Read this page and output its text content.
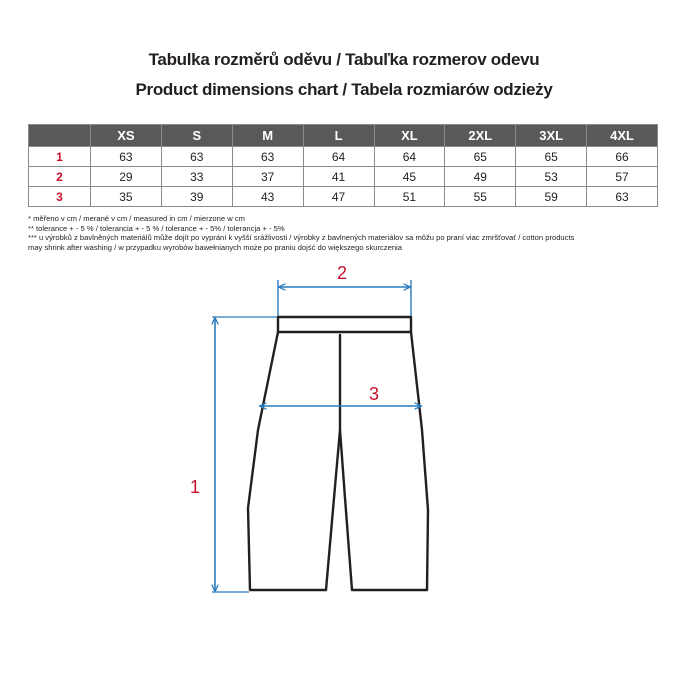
Tabulka rozměrů oděvu / Tabuľka rozmerov odevu
Product dimensions chart / Tabela rozmiarów odzieży
	XS	S	M	L	XL	2XL	3XL	4XL
1	63	63	63	64	64	65	65	66
2	29	33	37	41	45	49	53	57
3	35	39	43	47	51	55	59	63
* měřeno v cm / merané v cm / measured in cm / mierzone w cm
** tolerance + - 5 % / tolerancia + - 5 % / tolerance + - 5% / tolerancja + - 5%
*** u výrobků z bavlněných materiálů může dojít po vyprání k vyšší srážlivosti / výrobky z bavlnených materiálov sa môžu po praní viac zmršťovať / cotton products
may shrink after washing / w przypadku wyrobów bawełnianych może po praniu dojść do większego skurczenia
2
3
1
